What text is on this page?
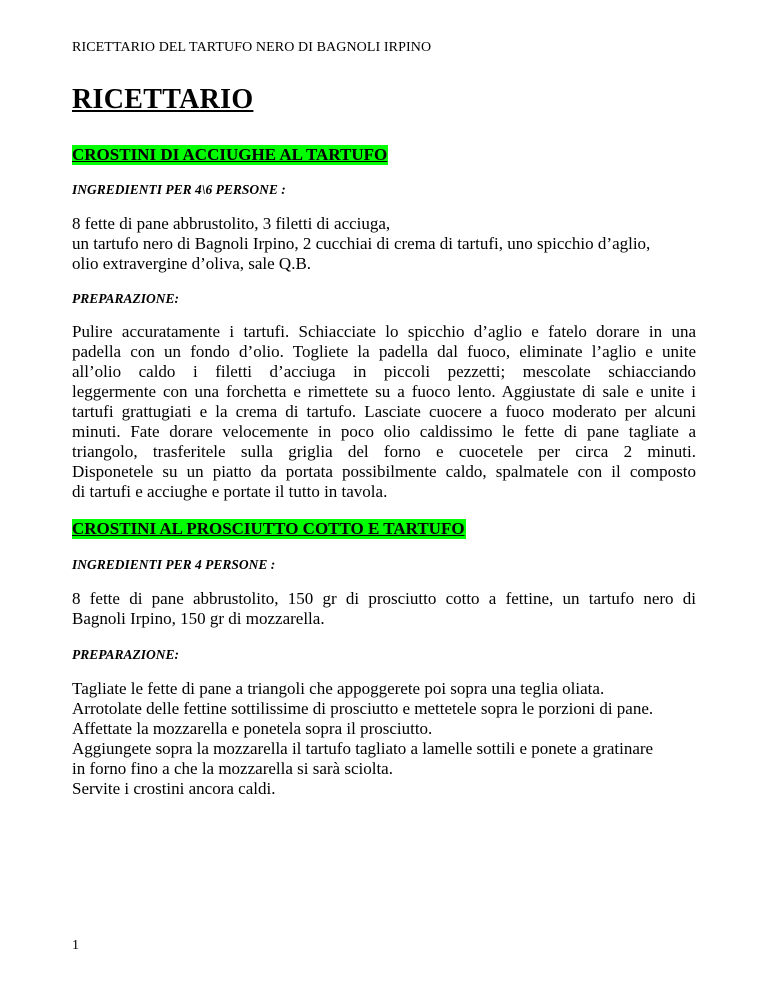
RICETTARIO DEL TARTUFO NERO DI BAGNOLI IRPINO
RICETTARIO
CROSTINI DI ACCIUGHE AL TARTUFO
INGREDIENTI PER 4\6 PERSONE :
8 fette di pane abbrustolito, 3 filetti di acciuga,
un tartufo nero di Bagnoli Irpino, 2 cucchiai di crema di tartufi, uno spicchio d’aglio,
olio extravergine d’oliva, sale Q.B.
PREPARAZIONE:
Pulire accuratamente i tartufi. Schiacciate lo spicchio d’aglio e fatelo dorare in una
padella con un fondo d’olio. Togliete la padella dal fuoco, eliminate l’aglio e unite
all’olio caldo i filetti d’acciuga in piccoli pezzetti; mescolate schiacciando
leggermente con una forchetta e rimettete su a fuoco lento. Aggiustate di sale e unite i
tartufi grattugiati e la crema di tartufo. Lasciate cuocere a fuoco moderato per alcuni
minuti. Fate dorare velocemente in poco olio caldissimo le fette di pane tagliate a
triangolo, trasferitele sulla griglia del forno e cuocetele per circa 2 minuti.
Disponetele su un piatto da portata possibilmente caldo, spalmatele con il composto
di tartufi e acciughe e portate il tutto in tavola.
CROSTINI AL PROSCIUTTO COTTO E TARTUFO
INGREDIENTI PER 4 PERSONE :
8 fette di pane abbrustolito, 150 gr di prosciutto cotto a fettine, un tartufo nero di
Bagnoli Irpino, 150 gr di mozzarella.
PREPARAZIONE:
Tagliate le fette di pane a triangoli che appoggerete poi sopra una teglia oliata.
Arrotolate delle fettine sottilissime di prosciutto e mettetele sopra le porzioni di pane.
Affettate la mozzarella e ponetela sopra il prosciutto.
Aggiungete sopra la mozzarella il tartufo tagliato a lamelle sottili e ponete a gratinare
in forno fino a che la mozzarella si sarà sciolta.
Servite i crostini ancora caldi.
1
